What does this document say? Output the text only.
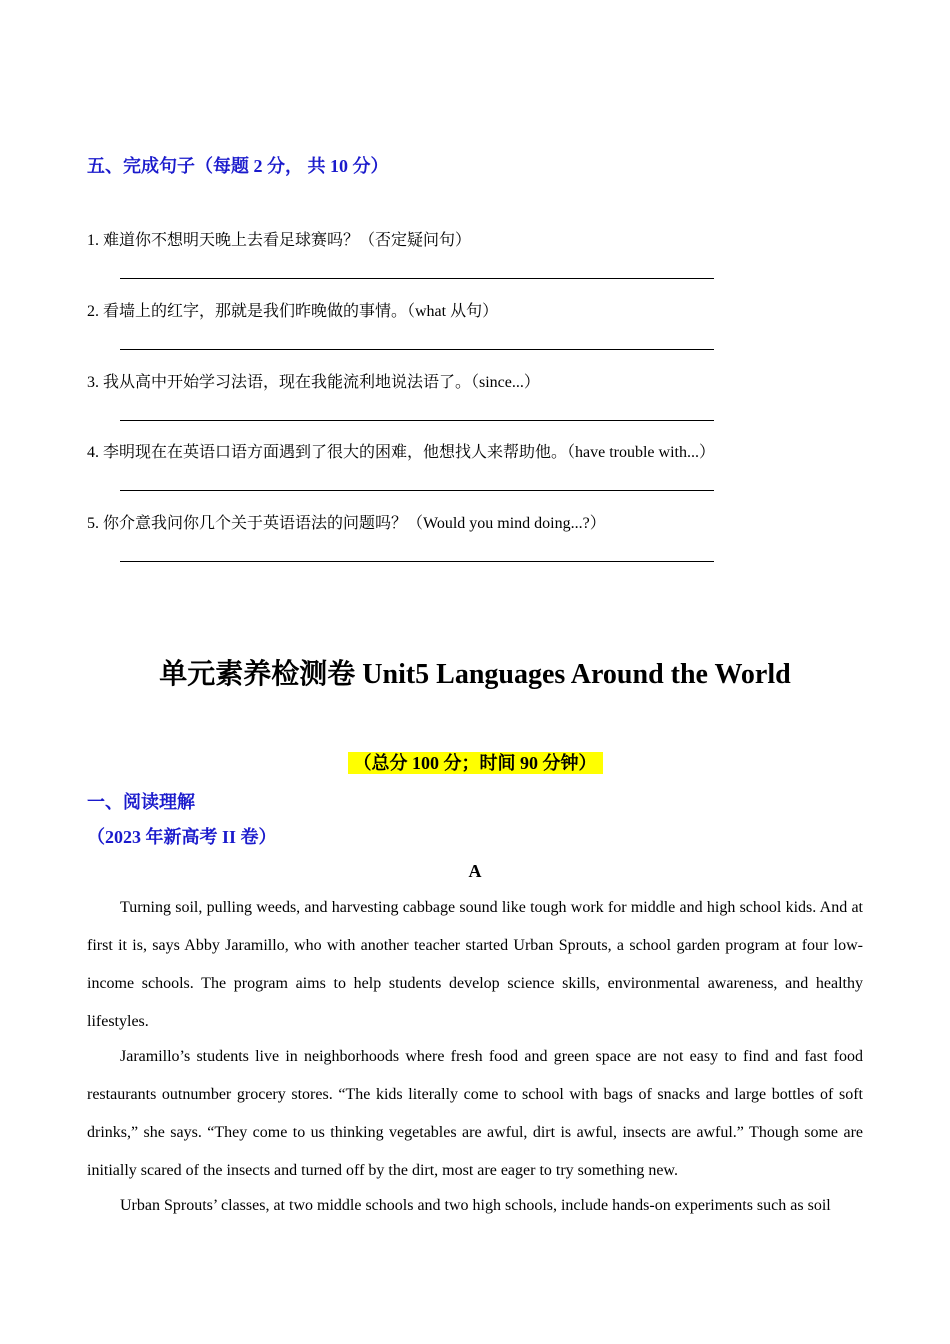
五、完成句子（每题 2 分， 共 10 分）
1. 难道你不想明天晚上去看足球赛吗？（否定疑问句）
2. 看墙上的红字，那就是我们昨晚做的事情。（what 从句）
3. 我从高中开始学习法语，现在我能流利地说法语了。（since...）
4. 李明现在在英语口语方面遇到了很大的困难，他想找人来帮助他。（have trouble with...）
5. 你介意我问你几个关于英语语法的问题吗？（Would you mind doing...?）
单元素养检测卷 Unit5 Languages Around the World
（总分 100 分；时间 90 分钟）
一、阅读理解
（2023 年新高考 II 卷）
A

Turning soil, pulling weeds, and harvesting cabbage sound like tough work for middle and high school kids. And at first it is, says Abby Jaramillo, who with another teacher started Urban Sprouts, a school garden program at four low-income schools. The program aims to help students develop science skills, environmental awareness, and healthy lifestyles.

Jaramillo’s students live in neighborhoods where fresh food and green space are not easy to find and fast food restaurants outnumber grocery stores. “The kids literally come to school with bags of snacks and large bottles of soft drinks,” she says. “They come to us thinking vegetables are awful, dirt is awful, insects are awful.” Though some are initially scared of the insects and turned off by the dirt, most are eager to try something new.

Urban Sprouts’ classes, at two middle schools and two high schools, include hands-on experiments such as soil
